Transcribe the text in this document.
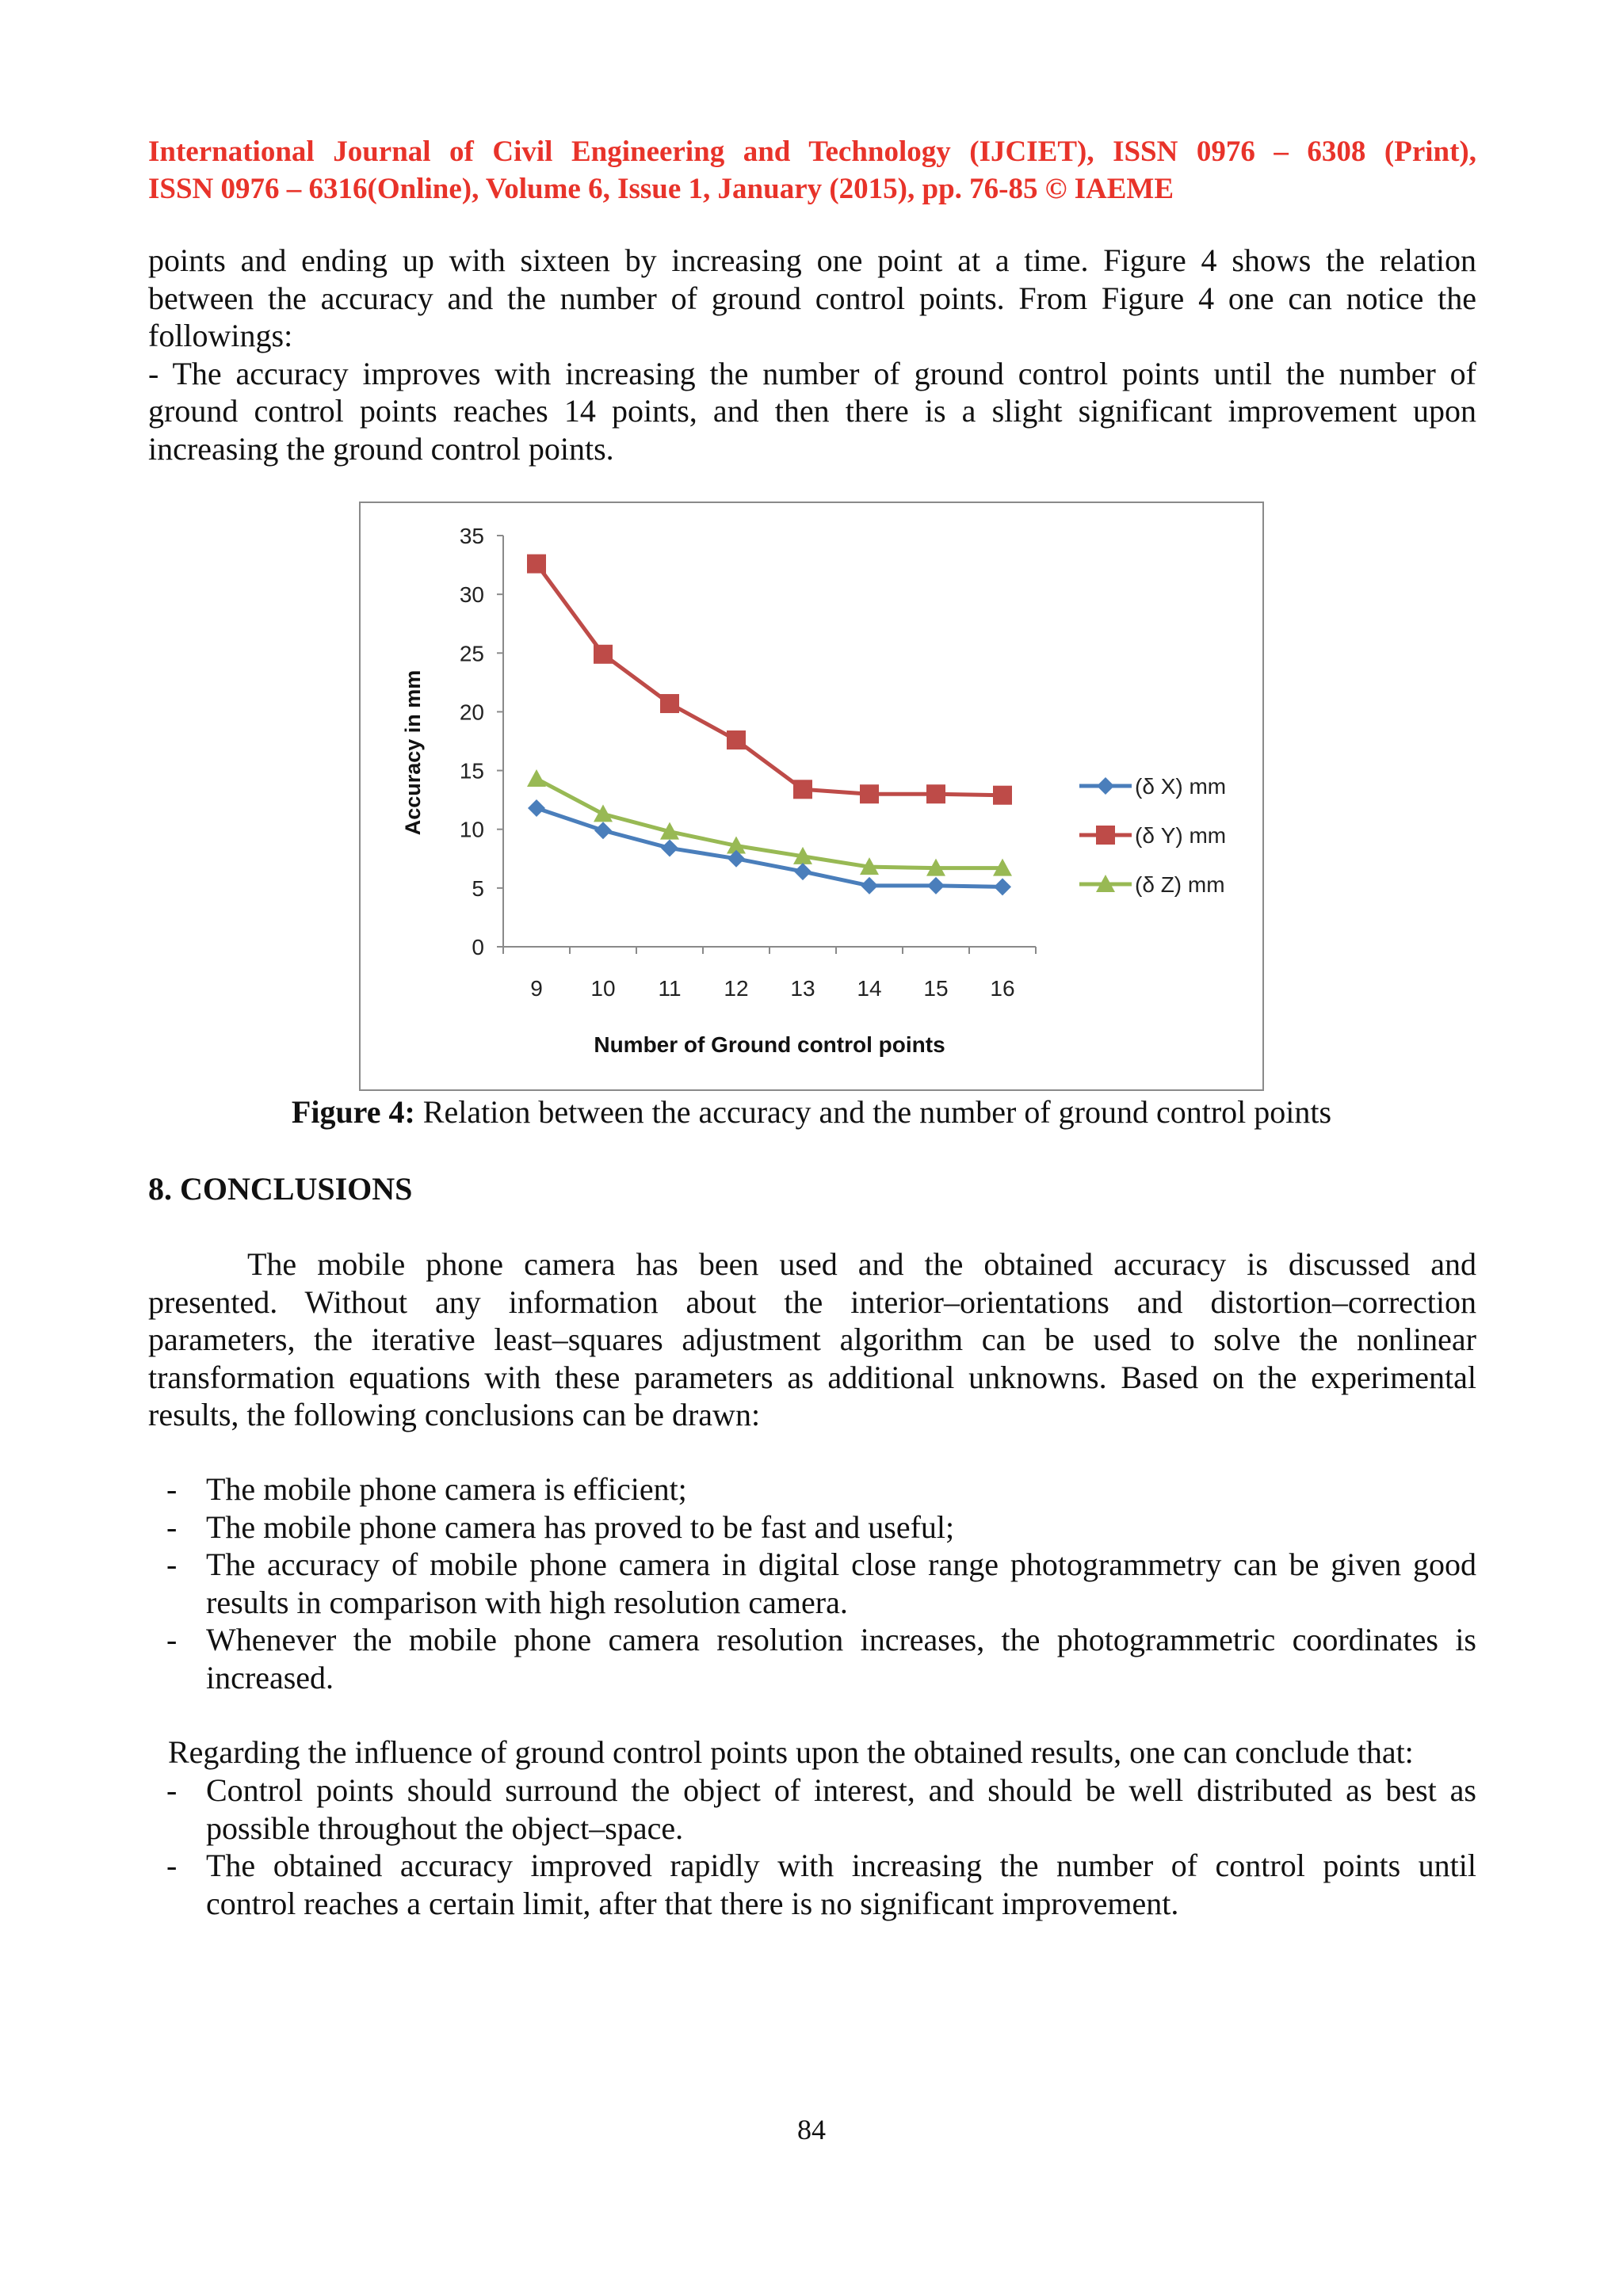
International Journal of Civil Engineering and Technology (IJCIET), ISSN 0976 – 6308 (Print),
ISSN 0976 – 6316(Online), Volume 6, Issue 1, January (2015), pp. 76-85 © IAEME
points and ending up with sixteen by increasing one point at a time. Figure 4 shows the relation
between the accuracy and the number of ground control points. From Figure 4 one can notice the
followings:
- The accuracy improves with increasing the number of ground control points until the number of
ground control points reaches 14 points, and then there is a slight significant improvement upon
increasing the ground control points.
Accuracy in mm
Number of Ground control points
0
5
10
15
20
25
30
35
9 10 11 12 13 14 15 16
(δ X) mm
(δ Y) mm
(δ Z) mm
Figure 4: Relation between the accuracy and the number of ground control points
8. CONCLUSIONS
The mobile phone camera has been used and the obtained accuracy is discussed and
presented. Without any information about the interior–orientations and distortion–correction
parameters, the iterative least–squares adjustment algorithm can be used to solve the nonlinear
transformation equations with these parameters as additional unknowns. Based on the experimental
results, the following conclusions can be drawn:
- The mobile phone camera is efficient;
- The mobile phone camera has proved to be fast and useful;
- The accuracy of mobile phone camera in digital close range photogrammetry can be given good
results in comparison with high resolution camera.
- Whenever the mobile phone camera resolution increases, the photogrammetric coordinates is
increased.
Regarding the influence of ground control points upon the obtained results, one can conclude that:
- Control points should surround the object of interest, and should be well distributed as best as
possible throughout the object–space.
- The obtained accuracy improved rapidly with increasing the number of control points until
control reaches a certain limit, after that there is no significant improvement.
84
